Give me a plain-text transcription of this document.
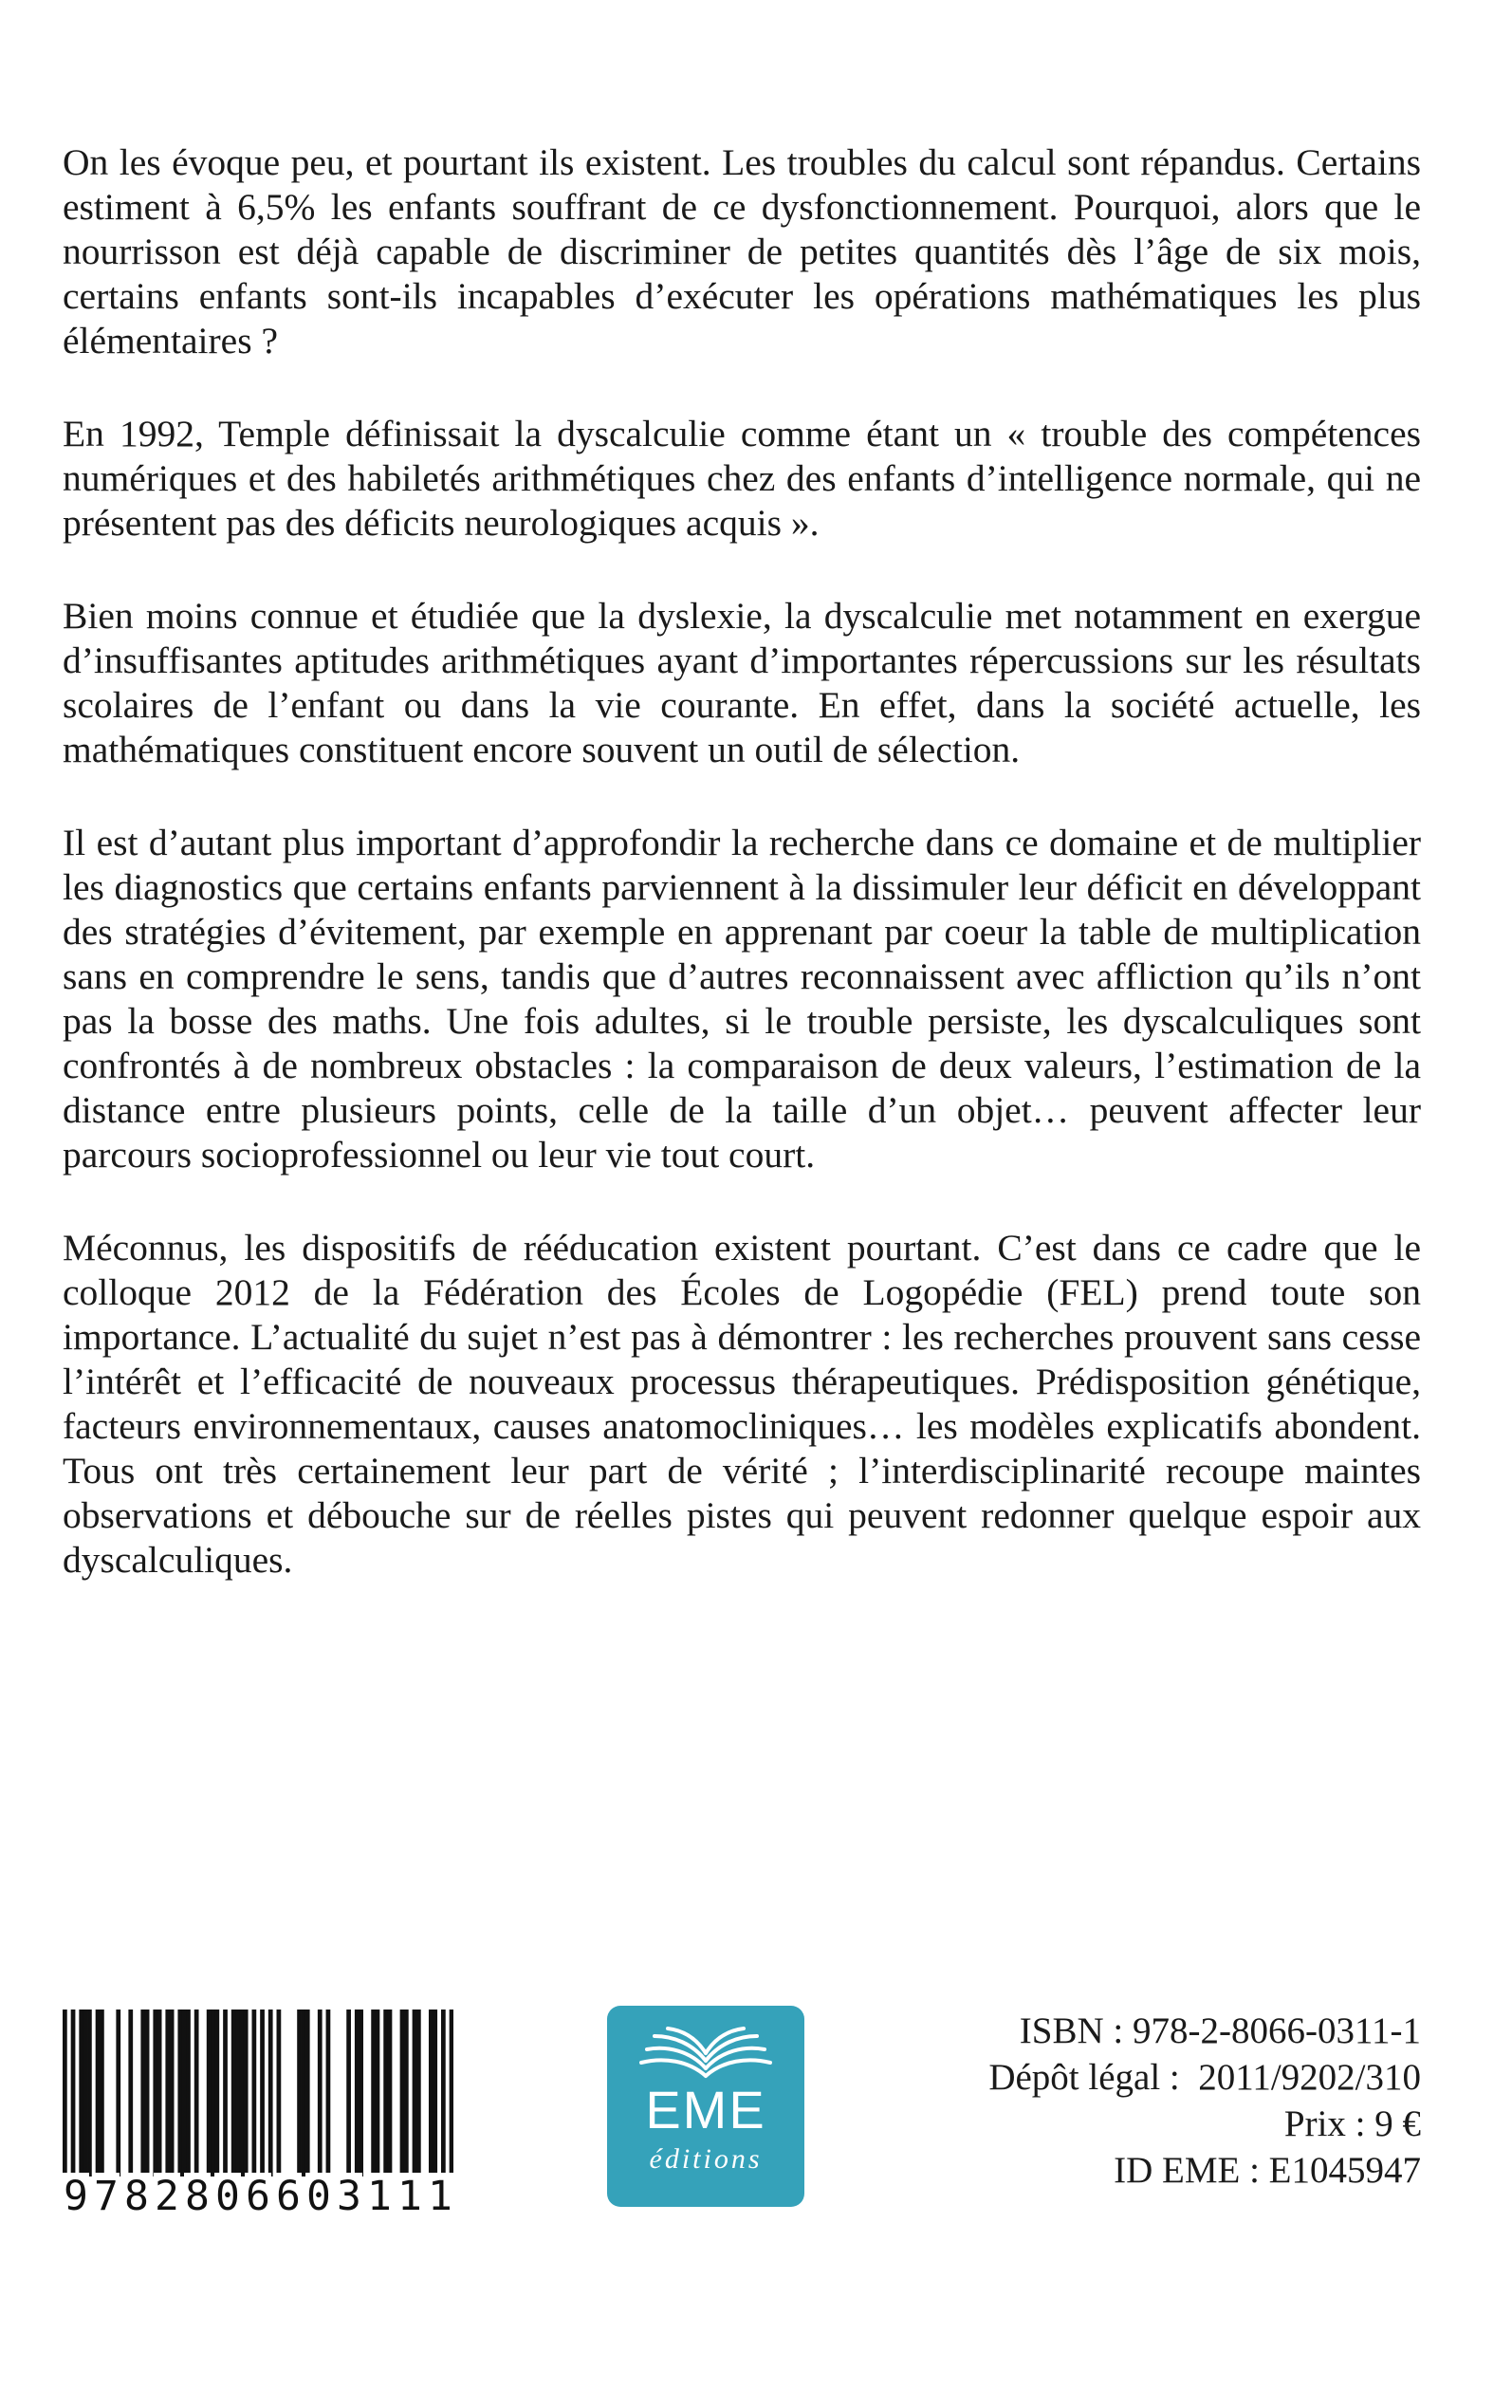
On les évoque peu, et pourtant ils existent. Les troubles du calcul sont répandus. Certains estiment à 6,5% les enfants souffrant de ce dysfonctionnement. Pourquoi, alors que le nourrisson est déjà capable de discriminer de petites quantités dès l’âge de six mois, certains enfants sont-ils incapables d’exécuter les opérations mathématiques les plus élémentaires ?

En 1992, Temple définissait la dyscalculie comme étant un « trouble des compétences numériques et des habiletés arithmétiques chez des enfants d’intelligence normale, qui ne présentent pas des déficits neurologiques acquis ».

Bien moins connue et étudiée que la dyslexie, la dyscalculie met notamment en exergue d’insuffisantes aptitudes arithmétiques ayant d’importantes répercussions sur les résultats scolaires de l’enfant ou dans la vie courante. En effet, dans la société actuelle, les mathématiques constituent encore souvent un outil de sélection.

Il est d’autant plus important d’approfondir la recherche dans ce domaine et de multiplier les diagnostics que certains enfants parviennent à la dissimuler leur déficit en développant des stratégies d’évitement, par exemple en apprenant par coeur la table de multiplication sans en comprendre le sens, tandis que d’autres reconnaissent avec affliction qu’ils n’ont pas la bosse des maths. Une fois adultes, si le trouble persiste, les dyscalculiques sont confrontés à de nombreux obstacles : la comparaison de deux valeurs, l’estimation de la distance entre plusieurs points, celle de la taille d’un objet… peuvent affecter leur parcours socioprofessionnel ou leur vie tout court.

Méconnus, les dispositifs de rééducation existent pourtant. C’est dans ce cadre que le colloque 2012 de la Fédération des Écoles de Logopédie (FEL) prend toute son importance. L’actualité du sujet n’est pas à démontrer : les recherches prouvent sans cesse l’intérêt et l’efficacité de nouveaux processus thérapeutiques. Prédisposition génétique, facteurs environnementaux, causes anatomocliniques… les modèles explicatifs abondent. Tous ont très certainement leur part de vérité ; l’interdisciplinarité recoupe maintes observations et débouche sur de réelles pistes qui peuvent redonner quelque espoir aux dyscalculiques.

9 7 8 2 8 0 6 6 0 3 1 1 1
EME
éditions
ISBN : 978-2-8066-0311-1
Dépôt légal :  2011/9202/310
Prix : 9 €
ID EME : E1045947
